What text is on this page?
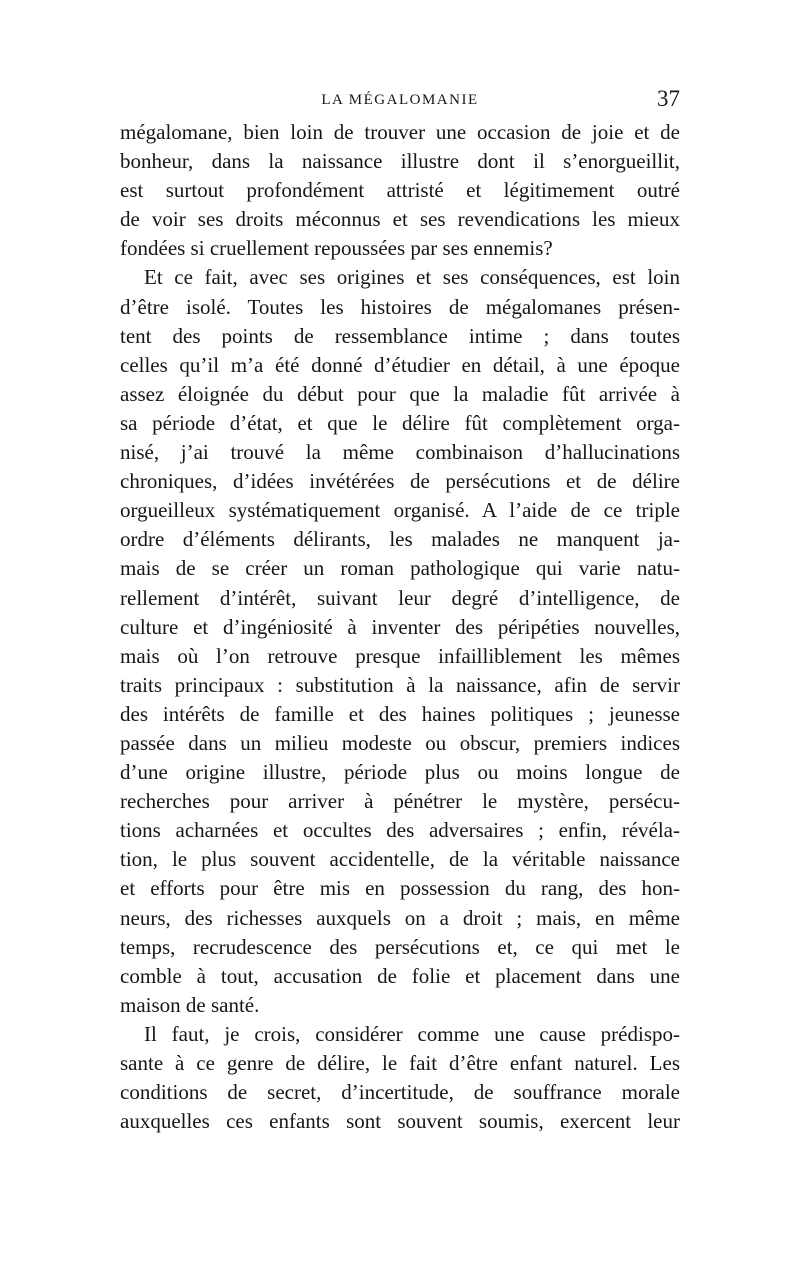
LA MÉGALOMANIE	37
mégalomane, bien loin de trouver une occasion de joie et de
bonheur, dans la naissance illustre dont il s’enorgueillit,
est surtout profondément attristé et légitimement outré
de voir ses droits méconnus et ses revendications les mieux
fondées si cruellement repoussées par ses ennemis?
Et ce fait, avec ses origines et ses conséquences, est loin
d’être isolé. Toutes les histoires de mégalomanes présen-
tent des points de ressemblance intime ; dans toutes
celles qu’il m’a été donné d’étudier en détail, à une époque
assez éloignée du début pour que la maladie fût arrivée à
sa période d’état, et que le délire fût complètement orga-
nisé, j’ai trouvé la même combinaison d’hallucinations
chroniques, d’idées invétérées de persécutions et de délire
orgueilleux systématiquement organisé. A l’aide de ce triple
ordre d’éléments délirants, les malades ne manquent ja-
mais de se créer un roman pathologique qui varie natu-
rellement d’intérêt, suivant leur degré d’intelligence, de
culture et d’ingéniosité à inventer des péripéties nouvelles,
mais où l’on retrouve presque infailliblement les mêmes
traits principaux : substitution à la naissance, afin de servir
des intérêts de famille et des haines politiques ; jeunesse
passée dans un milieu modeste ou obscur, premiers indices
d’une origine illustre, période plus ou moins longue de
recherches pour arriver à pénétrer le mystère, persécu-
tions acharnées et occultes des adversaires ; enfin, révéla-
tion, le plus souvent accidentelle, de la véritable naissance
et efforts pour être mis en possession du rang, des hon-
neurs, des richesses auxquels on a droit ; mais, en même
temps, recrudescence des persécutions et, ce qui met le
comble à tout, accusation de folie et placement dans une
maison de santé.
Il faut, je crois, considérer comme une cause prédispo-
sante à ce genre de délire, le fait d’être enfant naturel. Les
conditions de secret, d’incertitude, de souffrance morale
auxquelles ces enfants sont souvent soumis, exercent leur
